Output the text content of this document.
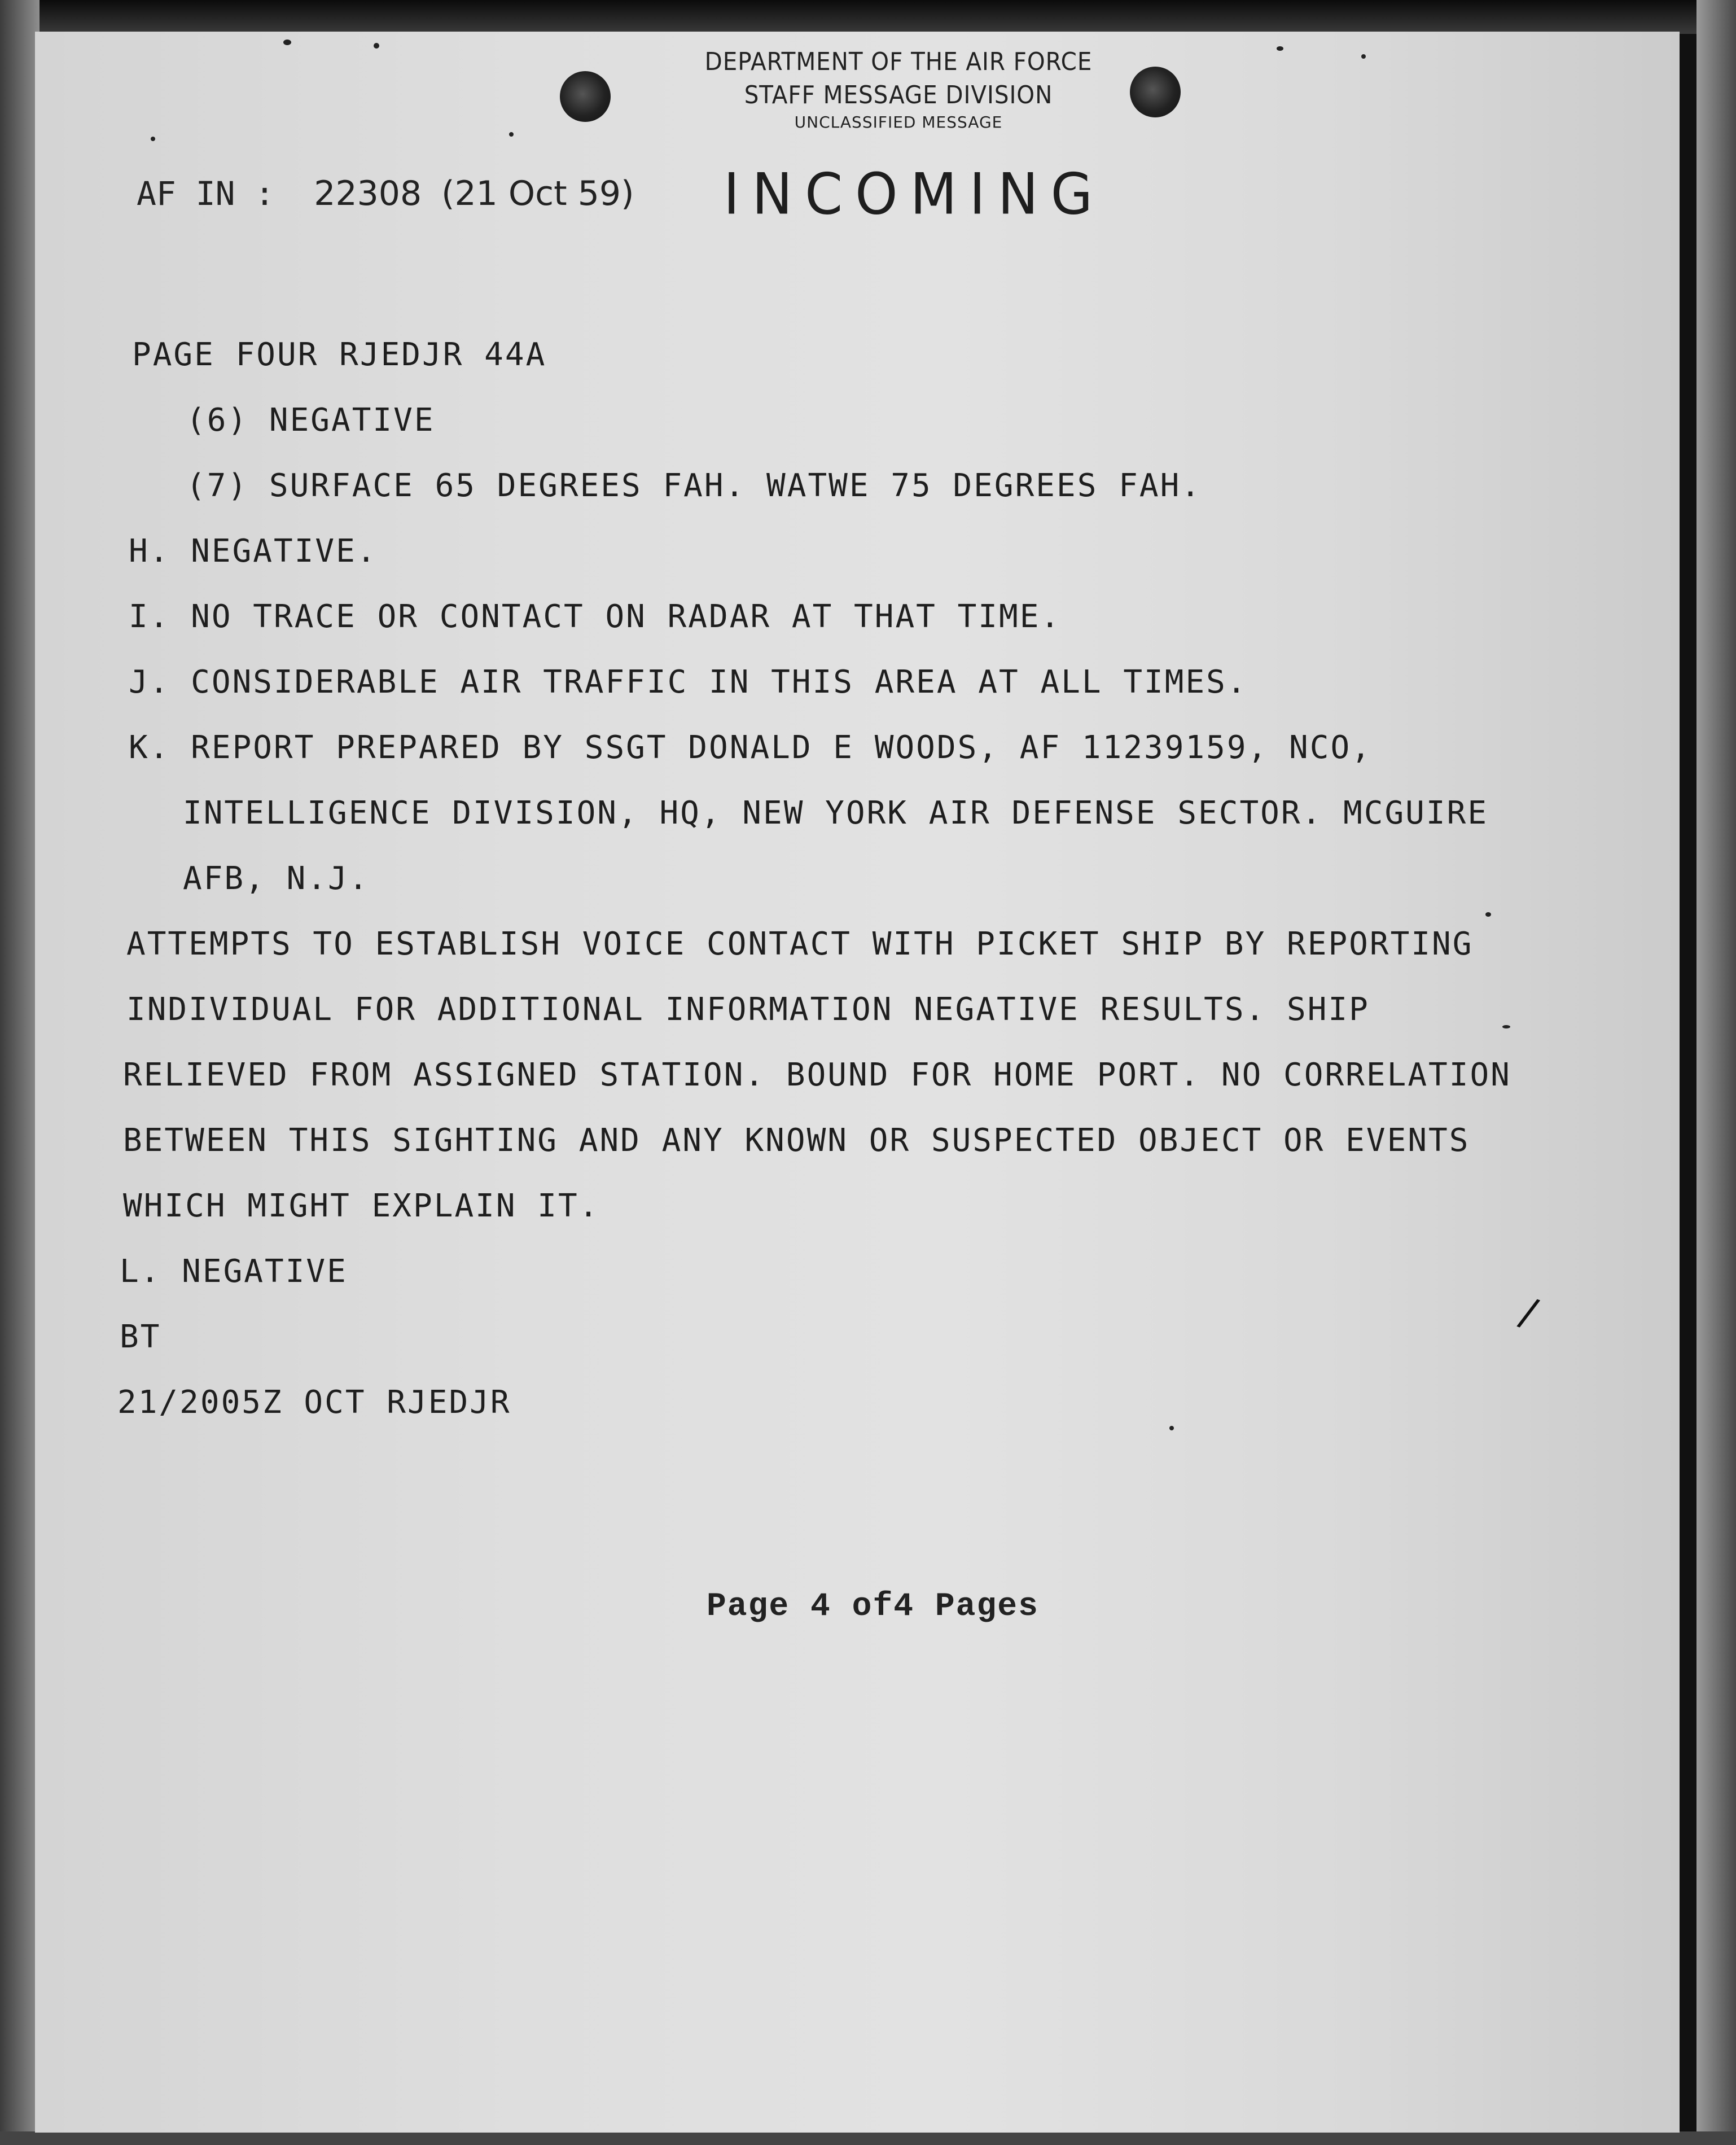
DEPARTMENT OF THE AIR FORCE
STAFF MESSAGE DIVISION
UNCLASSIFIED MESSAGE
INCOMING
AF IN : 22308 (21 Oct 59)
PAGE FOUR RJEDJR 44A
(6) NEGATIVE
(7) SURFACE 65 DEGREES FAH. WATWE 75 DEGREES FAH.
H. NEGATIVE.
I. NO TRACE OR CONTACT ON RADAR AT THAT TIME.
J. CONSIDERABLE AIR TRAFFIC IN THIS AREA AT ALL TIMES.
K. REPORT PREPARED BY SSGT DONALD E WOODS, AF 11239159, NCO,
INTELLIGENCE DIVISION, HQ, NEW YORK AIR DEFENSE SECTOR. MCGUIRE
AFB, N.J.
ATTEMPTS TO ESTABLISH VOICE CONTACT WITH PICKET SHIP BY REPORTING
INDIVIDUAL FOR ADDITIONAL INFORMATION NEGATIVE RESULTS. SHIP
RELIEVED FROM ASSIGNED STATION. BOUND FOR HOME PORT. NO CORRELATION
BETWEEN THIS SIGHTING AND ANY KNOWN OR SUSPECTED OBJECT OR EVENTS
WHICH MIGHT EXPLAIN IT.
L. NEGATIVE
BT
21/2005Z OCT RJEDJR
Page 4 of4 Pages
/
